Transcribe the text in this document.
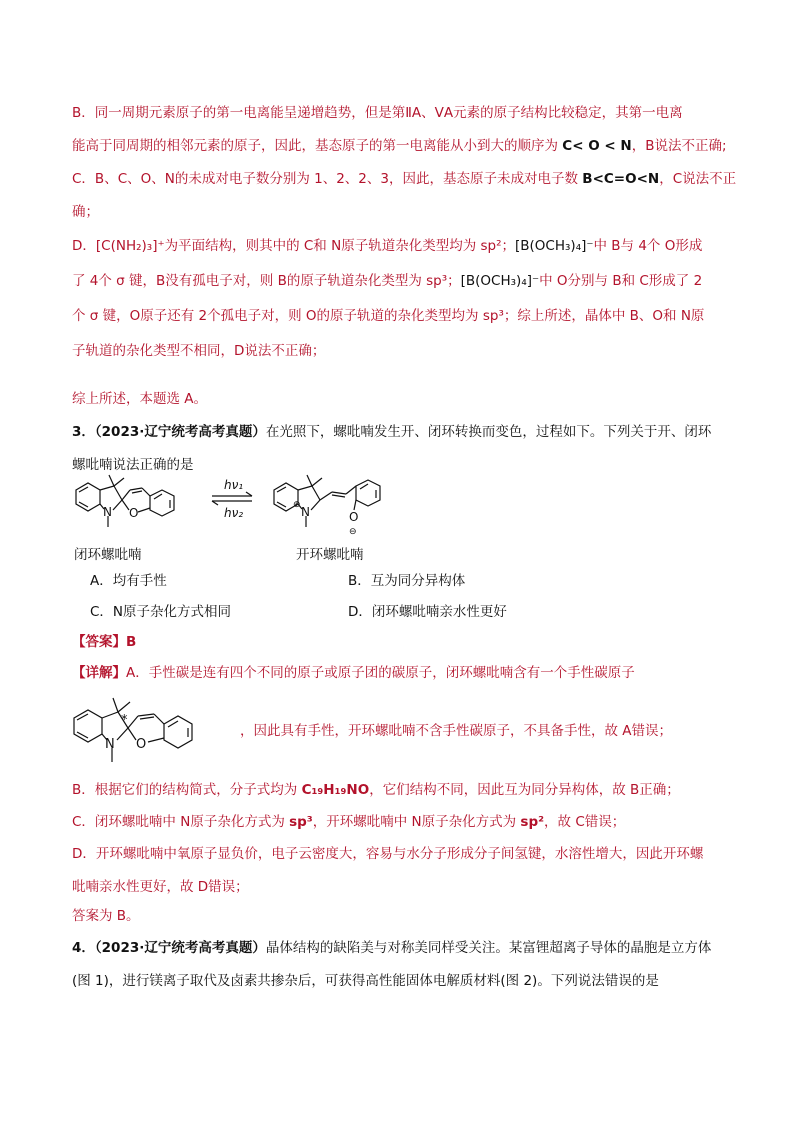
B．同一周期元素原子的第一电离能呈递增趋势，但是第ⅡA、ⅤA元素的原子结构比较稳定，其第一电离
能高于同周期的相邻元素的原子，因此，基态原子的第一电离能从小到大的顺序为 C< O < N，B说法不正确;
C．B、C、O、N的未成对电子数分别为 1、2、2、3，因此，基态原子未成对电子数 B<C=O<N，C说法不正
确；
D．[C(NH₂)₃]⁺为平面结构，则其中的 C和 N原子轨道杂化类型均为 sp²；[B(OCH₃)₄]⁻中 B与 4个 O形成
了 4个 σ 键，B没有孤电子对，则 B的原子轨道杂化类型为 sp³；[B(OCH₃)₄]⁻中 O分别与 B和 C形成了 2
个 σ 键，O原子还有 2个孤电子对，则 O的原子轨道的杂化类型均为 sp³；综上所述，晶体中 B、O和 N原
子轨道的杂化类型不相同，D说法不正确；
综上所述，本题选 A。
3．（2023·辽宁统考高考真题）在光照下，螺吡喃发生开、闭环转换而变色，过程如下。下列关于开、闭环
螺吡喃说法正确的是
N O
hν₁
hν₂	N
⊕
O
⊖
闭环螺吡喃	开环螺吡喃
A．均有手性	B．互为同分异构体
C．N原子杂化方式相同	D．闭环螺吡喃亲水性更好
【答案】B
【详解】A．手性碳是连有四个不同的原子或原子团的碳原子，闭环螺吡喃含有一个手性碳原子
N O
*
，因此具有手性，开环螺吡喃不含手性碳原子，不具备手性，故 A错误；
B．根据它们的结构简式，分子式均为 C₁₉H₁₉NO，它们结构不同，因此互为同分异构体，故 B正确；
C．闭环螺吡喃中 N原子杂化方式为 sp³，开环螺吡喃中 N原子杂化方式为 sp²，故 C错误；
D．开环螺吡喃中氧原子显负价，电子云密度大，容易与水分子形成分子间氢键，水溶性增大，因此开环螺
吡喃亲水性更好，故 D错误；
答案为 B。
4．（2023·辽宁统考高考真题）晶体结构的缺陷美与对称美同样受关注。某富锂超离子导体的晶胞是立方体
(图 1)，进行镁离子取代及卤素共掺杂后，可获得高性能固体电解质材料(图 2)。下列说法错误的是
